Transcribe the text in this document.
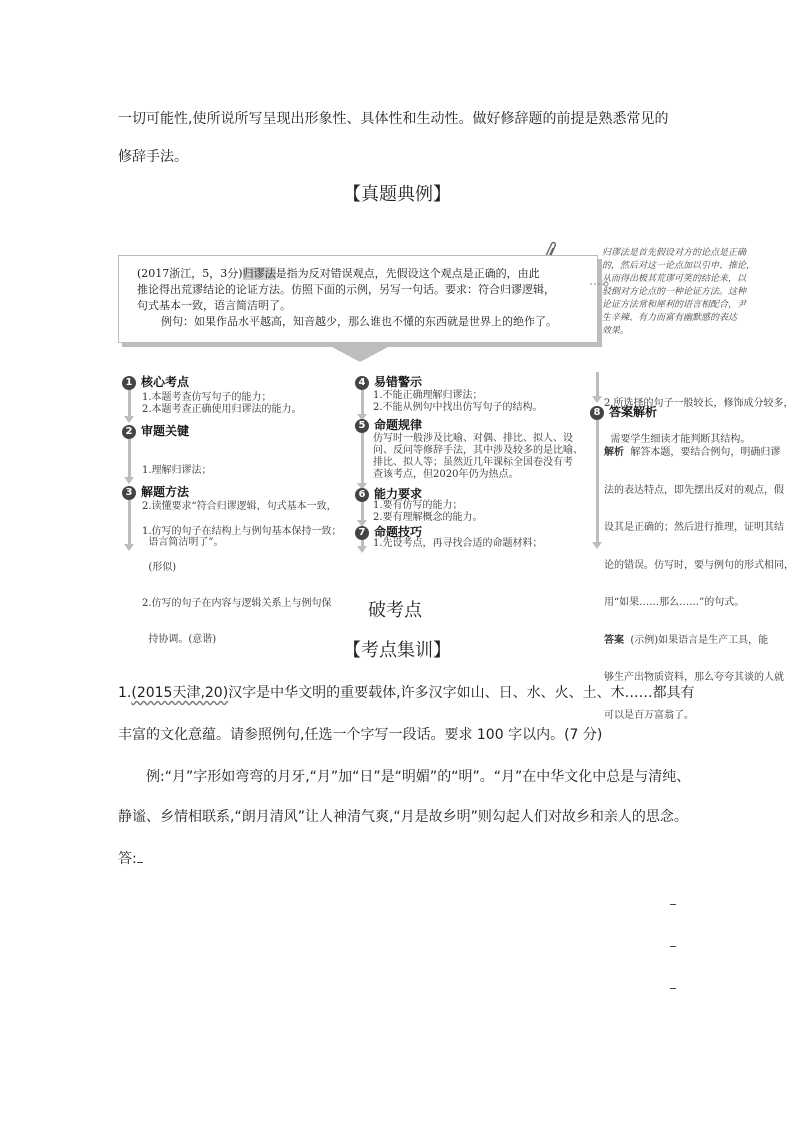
一切可能性,使所说所写呈现出形象性、具体性和生动性。做好修辞题的前提是熟悉常见的
修辞手法。
【真题典例】

(2017浙江，5，3分)归谬法是指为反对错误观点，先假设这个观点是正确的，由此

推论得出荒谬结论的论证方法。仿照下面的示例，另写一句话。要求：符合归谬逻辑，

句式基本一致，语言简洁明了。

例句：如果作品水平越高，知音越少，那么谁也不懂的东西就是世界上的绝作了。

归谬法是首先假设对方的论点是正确
的，然后对这一论点加以引申、推论，
从而得出极其荒谬可笑的结论来，以
驳倒对方论点的一种论证方法。这种
论证方法常和犀利的语言相配合，尹
生辛辣、有力而富有幽默感的表达
效果。
1 核心考点
1.本题考查仿写句子的能力；
2.本题考查正确使用归谬法的能力。
2 审题关键

1.理解归谬法；

2.读懂要求“符合归谬逻辑，句式基本一致，

语言简洁明了”。

3 解题方法

1.仿写的句子在结构上与例句基本保持一致；

(形似)

2.仿写的句子在内容与逻辑关系上与例句保

持协调。(意谐)

4 易错警示
1.不能正确理解归谬法；
2.不能从例句中找出仿写句子的结构。
5 命题规律
仿写时一般涉及比喻、对偶、排比、拟人、设
问、反问等修辞手法，其中涉及较多的是比喻、
排比、拟人等；虽然近几年课标全国卷没有考
查该考点，但2020年仍为热点。
6 能力要求
1.要有仿写的能力；
2.要有理解概念的能力。
7 命题技巧
1.先设考点，再寻找合适的命题材料；

2.所选择的句子一般较长，修饰成分较多，

需要学生细读才能判断其结构。

8 答案解析

解析  解答本题，要结合例句，明确归谬

法的表达特点，即先摆出反对的观点，假

设其是正确的；然后进行推理，证明其结

论的错误。仿写时，要与例句的形式相同，

用“如果……那么……”的句式。

答案  (示例)如果语言是生产工具，能

够生产出物质资料，那么夸夸其谈的人就

可以是百万富翁了。

破考点
【考点集训】
1.(2015天津,20)汉字是中华文明的重要载体,许多汉字如山、日、水、火、土、木……都具有
丰富的文化意蕴。请参照例句,任选一个字写一段话。要求 100 字以内。(7 分)
例:“月”字形如弯弯的月牙,“月”加“日”是“明媚”的“明”。“月”在中华文化中总是与清纯、
静谧、乡情相联系,“朗月清风”让人神清气爽,“月是故乡明”则勾起人们对故乡和亲人的思念。
答:
